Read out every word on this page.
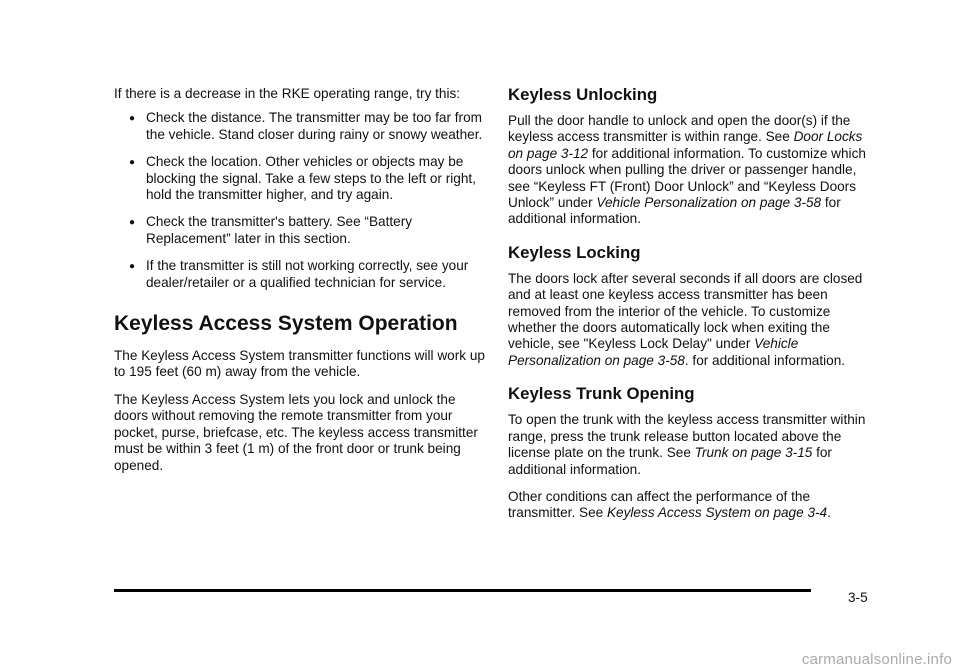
If there is a decrease in the RKE operating range, try this:

● Check the distance. The transmitter may be too far from the vehicle. Stand closer during rainy or snowy weather.
● Check the location. Other vehicles or objects may be blocking the signal. Take a few steps to the left or right, hold the transmitter higher, and try again.
● Check the transmitter's battery. See “Battery Replacement” later in this section.
● If the transmitter is still not working correctly, see your dealer/retailer or a qualified technician for service.
Keyless Access System Operation

The Keyless Access System transmitter functions will work up to 195 feet (60 m) away from the vehicle.

The Keyless Access System lets you lock and unlock the doors without removing the remote transmitter from your pocket, purse, briefcase, etc. The keyless access transmitter must be within 3 feet (1 m) of the front door or trunk being opened.

Keyless Unlocking

Pull the door handle to unlock and open the door(s) if the keyless access transmitter is within range. See Door Locks on page 3-12 for additional information. To customize which doors unlock when pulling the driver or passenger handle, see “Keyless FT (Front) Door Unlock” and “Keyless Doors Unlock” under Vehicle Personalization on page 3-58 for additional information.

Keyless Locking

The doors lock after several seconds if all doors are closed and at least one keyless access transmitter has been removed from the interior of the vehicle. To customize whether the doors automatically lock when exiting the vehicle, see "Keyless Lock Delay" under Vehicle Personalization on page 3-58. for additional information.

Keyless Trunk Opening

To open the trunk with the keyless access transmitter within range, press the trunk release button located above the license plate on the trunk. See Trunk on page 3-15 for additional information.

Other conditions can affect the performance of the transmitter. See Keyless Access System on page 3-4.

3-5
carmanualsonline.info
